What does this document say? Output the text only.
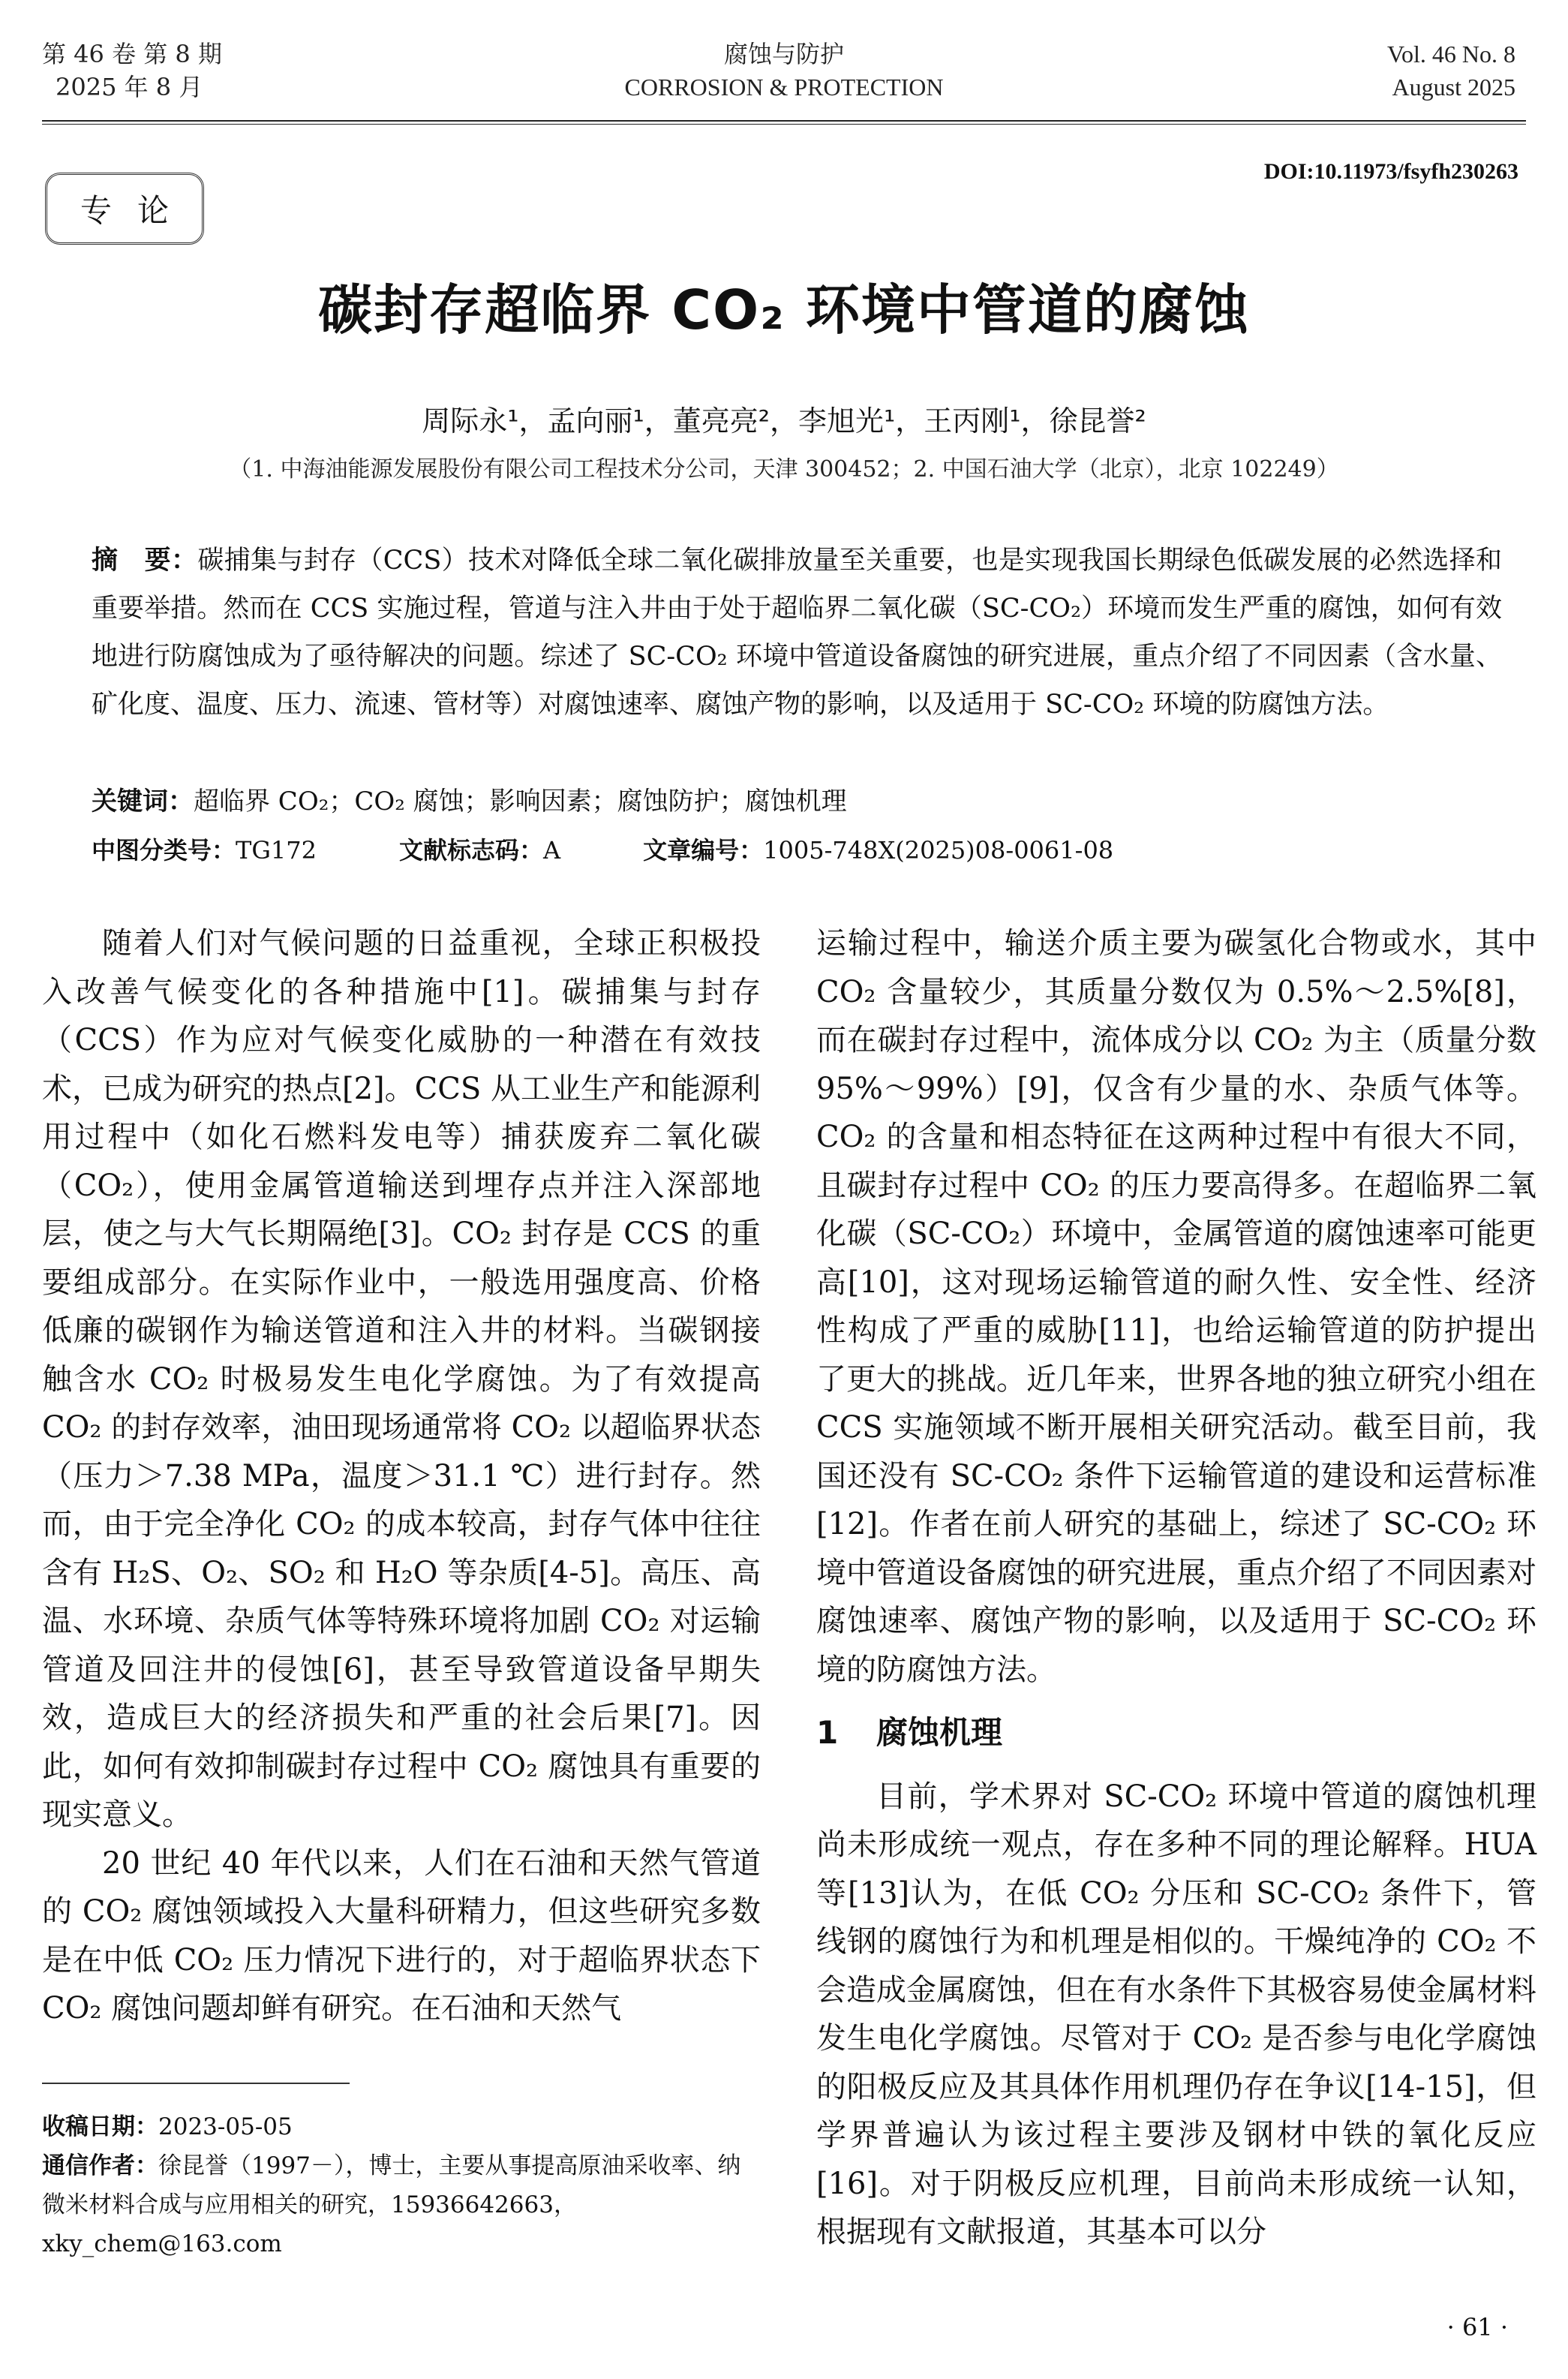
第 46 卷 第 8 期
2025 年 8 月
腐蚀与防护
CORROSION & PROTECTION
Vol. 46 No. 8
August 2025
DOI:10.11973/fsyfh230263
专论
碳封存超临界 CO₂ 环境中管道的腐蚀
周际永¹，孟向丽¹，董亮亮²，李旭光¹，王丙刚¹，徐昆誉²
（1. 中海油能源发展股份有限公司工程技术分公司，天津 300452；2. 中国石油大学（北京），北京 102249）
摘　要：碳捕集与封存（CCS）技术对降低全球二氧化碳排放量至关重要，也是实现我国长期绿色低碳发展的必然选择和重要举措。然而在 CCS 实施过程，管道与注入井由于处于超临界二氧化碳（SC-CO₂）环境而发生严重的腐蚀，如何有效地进行防腐蚀成为了亟待解决的问题。综述了 SC-CO₂ 环境中管道设备腐蚀的研究进展，重点介绍了不同因素（含水量、矿化度、温度、压力、流速、管材等）对腐蚀速率、腐蚀产物的影响，以及适用于 SC-CO₂ 环境的防腐蚀方法。
关键词：超临界 CO₂；CO₂ 腐蚀；影响因素；腐蚀防护；腐蚀机理
中图分类号：TG172	文献标志码：A	文章编号：1005-748X(2025)08-0061-08

随着人们对气候问题的日益重视，全球正积极投入改善气候变化的各种措施中[1]。碳捕集与封存（CCS）作为应对气候变化威胁的一种潜在有效技术，已成为研究的热点[2]。CCS 从工业生产和能源利用过程中（如化石燃料发电等）捕获废弃二氧化碳（CO₂），使用金属管道输送到埋存点并注入深部地层，使之与大气长期隔绝[3]。CO₂ 封存是 CCS 的重要组成部分。在实际作业中，一般选用强度高、价格低廉的碳钢作为输送管道和注入井的材料。当碳钢接触含水 CO₂ 时极易发生电化学腐蚀。为了有效提高 CO₂ 的封存效率，油田现场通常将 CO₂ 以超临界状态（压力＞7.38 MPa，温度＞31.1 ℃）进行封存。然而，由于完全净化 CO₂ 的成本较高，封存气体中往往含有 H₂S、O₂、SO₂ 和 H₂O 等杂质[4-5]。高压、高温、水环境、杂质气体等特殊环境将加剧 CO₂ 对运输管道及回注井的侵蚀[6]，甚至导致管道设备早期失效，造成巨大的经济损失和严重的社会后果[7]。因此，如何有效抑制碳封存过程中 CO₂ 腐蚀具有重要的现实意义。

20 世纪 40 年代以来，人们在石油和天然气管道的 CO₂ 腐蚀领域投入大量科研精力，但这些研究多数是在中低 CO₂ 压力情况下进行的，对于超临界状态下 CO₂ 腐蚀问题却鲜有研究。在石油和天然气

运输过程中，输送介质主要为碳氢化合物或水，其中 CO₂ 含量较少，其质量分数仅为 0.5%～2.5%[8]，而在碳封存过程中，流体成分以 CO₂ 为主（质量分数 95%～99%）[9]，仅含有少量的水、杂质气体等。CO₂ 的含量和相态特征在这两种过程中有很大不同，且碳封存过程中 CO₂ 的压力要高得多。在超临界二氧化碳（SC-CO₂）环境中，金属管道的腐蚀速率可能更高[10]，这对现场运输管道的耐久性、安全性、经济性构成了严重的威胁[11]，也给运输管道的防护提出了更大的挑战。近几年来，世界各地的独立研究小组在 CCS 实施领域不断开展相关研究活动。截至目前，我国还没有 SC-CO₂ 条件下运输管道的建设和运营标准[12]。作者在前人研究的基础上，综述了 SC-CO₂ 环境中管道设备腐蚀的研究进展，重点介绍了不同因素对腐蚀速率、腐蚀产物的影响，以及适用于 SC-CO₂ 环境的防腐蚀方法。

1 腐蚀机理

目前，学术界对 SC-CO₂ 环境中管道的腐蚀机理尚未形成统一观点，存在多种不同的理论解释。HUA 等[13]认为，在低 CO₂ 分压和 SC-CO₂ 条件下，管线钢的腐蚀行为和机理是相似的。干燥纯净的 CO₂ 不会造成金属腐蚀，但在有水条件下其极容易使金属材料发生电化学腐蚀。尽管对于 CO₂ 是否参与电化学腐蚀的阳极反应及其具体作用机理仍存在争议[14-15]，但学界普遍认为该过程主要涉及钢材中铁的氧化反应[16]。对于阴极反应机理，目前尚未形成统一认知，根据现有文献报道，其基本可以分

收稿日期：2023-05-05
通信作者：徐昆誉（1997－），博士，主要从事提高原油采收率、纳微米材料合成与应用相关的研究，15936642663，xky_chem@163.com
· 61 ·
